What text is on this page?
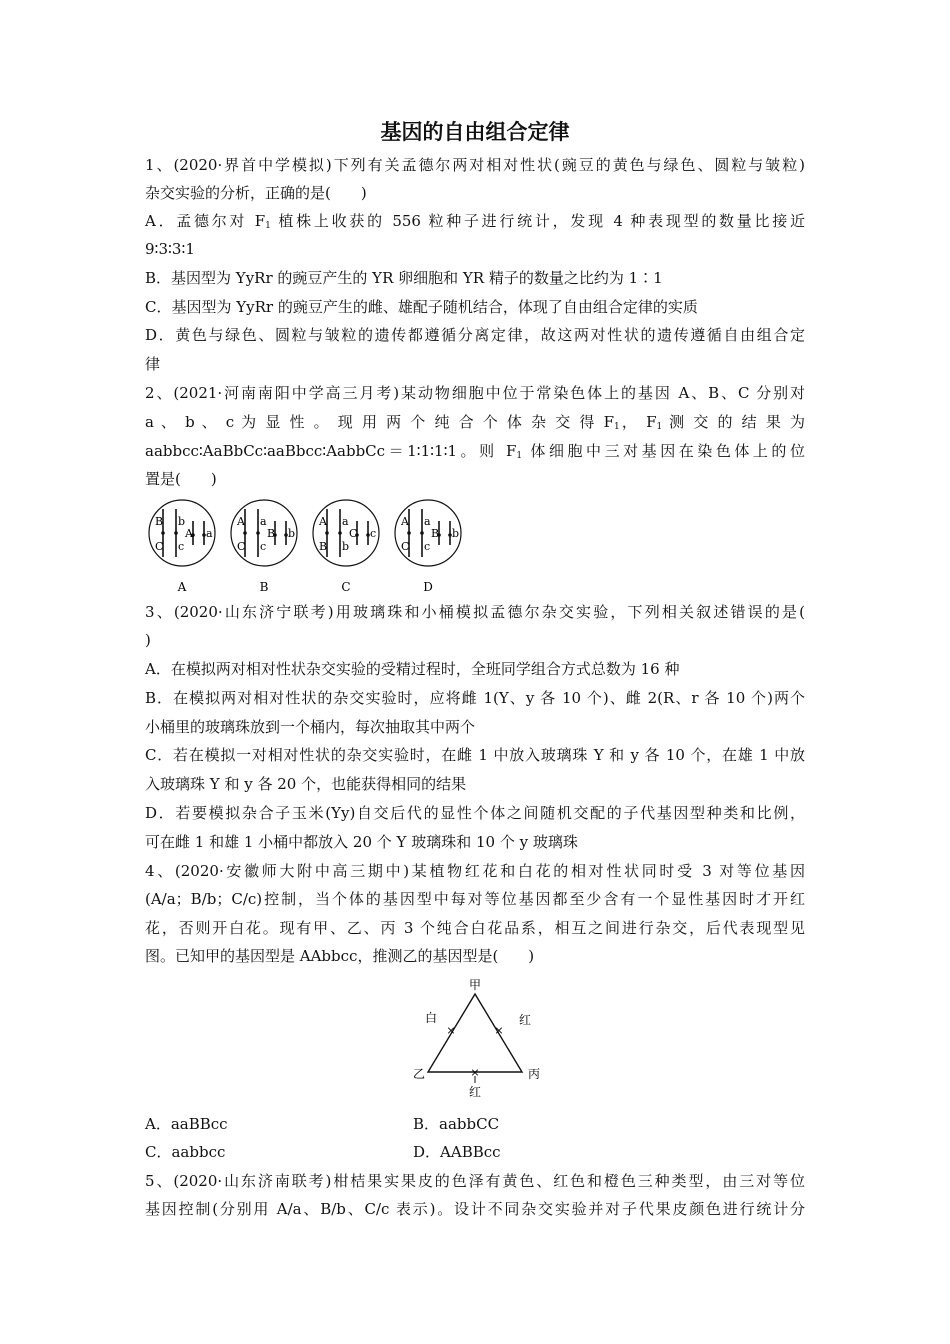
基因的自由组合定律
1、(2020·界首中学模拟)下列有关孟德尔两对相对性状(豌豆的黄色与绿色、圆粒与皱粒)
杂交实验的分析，正确的是(　　)
A．孟德尔对 $F_1$ 植株上收获的 556 粒种子进行统计，发现 4 种表现型的数量比接近
9∶3∶3∶1
B．基因型为 YyRr 的豌豆产生的 YR 卵细胞和 YR 精子的数量之比约为 1∶1
C．基因型为 YyRr 的豌豆产生的雌、雄配子随机结合，体现了自由组合定律的实质
D．黄色与绿色、圆粒与皱粒的遗传都遵循分离定律，故这两对性状的遗传遵循自由组合定
律
2、(2021·河南南阳中学高三月考)某动物细胞中位于常染色体上的基因 A、B、C 分别对
a 、 b 、 c 为 显 性 。 现 用 两 个 纯 合 个 体 杂 交 得 $F_1$， $F_1$ 测 交 的 结 果 为
aabbcc∶AaBbCc∶aaBbcc∶AabbCc＝1∶1∶1∶1。则 $F_1$ 体细胞中三对基因在染色体上的位
置是(　　)
B b
C c
A a
A
A a
C c
B b
B
A a
B b
C c
C
A a
C c
B b
D
3、(2020·山东济宁联考)用玻璃珠和小桶模拟孟德尔杂交实验，下列相关叙述错误的是(
)
A．在模拟两对相对性状杂交实验的受精过程时，全班同学组合方式总数为 16 种
B．在模拟两对相对性状的杂交实验时，应将雌 1(Y、y 各 10 个)、雌 2(R、r 各 10 个)两个
小桶里的玻璃珠放到一个桶内，每次抽取其中两个
C．若在模拟一对相对性状的杂交实验时，在雌 1 中放入玻璃珠 Y 和 y 各 10 个，在雄 1 中放
入玻璃珠 Y 和 y 各 20 个，也能获得相同的结果
D．若要模拟杂合子玉米(Yy)自交后代的显性个体之间随机交配的子代基因型种类和比例，
可在雌 1 和雄 1 小桶中都放入 20 个 Y 玻璃珠和 10 个 y 玻璃珠
4、(2020·安徽师大附中高三期中)某植物红花和白花的相对性状同时受 3 对等位基因
(A/a；B/b；C/c)控制，当个体的基因型中每对等位基因都至少含有一个显性基因时才开红
花，否则开白花。现有甲、乙、丙 3 个纯合白花品系，相互之间进行杂交，后代表现型见
图。已知甲的基因型是 AAbbcc，推测乙的基因型是(　　)
甲
乙	丙
×	×
×
白	红
红
A．aaBBcc	B．aabbCC
C．aabbcc	D．AABBcc
5、(2020·山东济南联考)柑桔果实果皮的色泽有黄色、红色和橙色三种类型，由三对等位
基因控制(分别用 A/a、B/b、C/c 表示)。设计不同杂交实验并对子代果皮颜色进行统计分
